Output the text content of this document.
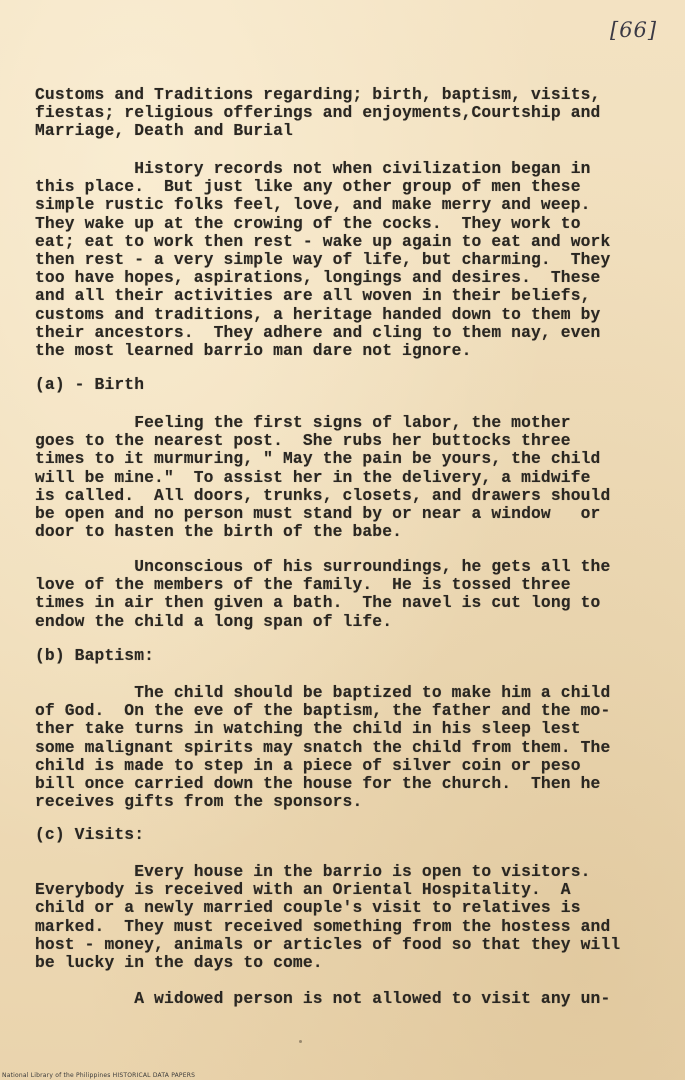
[66]
Customs and Traditions regarding; birth, baptism, visits,
fiestas; religious offerings and enjoyments,Courtship and
Marriage, Death and Burial
History records not when civilization began in
this place.  But just like any other group of men these
simple rustic folks feel, love, and make merry and weep.
They wake up at the crowing of the cocks.  They work to
eat; eat to work then rest - wake up again to eat and work
then rest - a very simple way of life, but charming.  They
too have hopes, aspirations, longings and desires.  These
and all their activities are all woven in their beliefs,
customs and traditions, a heritage handed down to them by
their ancestors.  They adhere and cling to them nay, even
the most learned barrio man dare not ignore.
(a) - Birth
Feeling the first signs of labor, the mother
goes to the nearest post.  She rubs her buttocks three
times to it murmuring, " May the pain be yours, the child
will be mine."  To assist her in the delivery, a midwife
is called.  All doors, trunks, closets, and drawers should
be open and no person must stand by or near a window   or
door to hasten the birth of the babe.
Unconscious of his surroundings, he gets all the
love of the members of the family.  He is tossed three
times in air then given a bath.  The navel is cut long to
endow the child a long span of life.
(b) Baptism:
The child should be baptized to make him a child
of God.  On the eve of the baptism, the father and the mo-
ther take turns in watching the child in his sleep lest
some malignant spirits may snatch the child from them. The
child is made to step in a piece of silver coin or peso
bill once carried down the house for the church.  Then he
receives gifts from the sponsors.
(c) Visits:
Every house in the barrio is open to visitors.
Everybody is received with an Oriental Hospitality.  A
child or a newly married couple's visit to relatives is
marked.  They must received something from the hostess and
host - money, animals or articles of food so that they will
be lucky in the days to come.
A widowed person is not allowed to visit any un-
National Library of the Philippines HISTORICAL DATA PAPERS
